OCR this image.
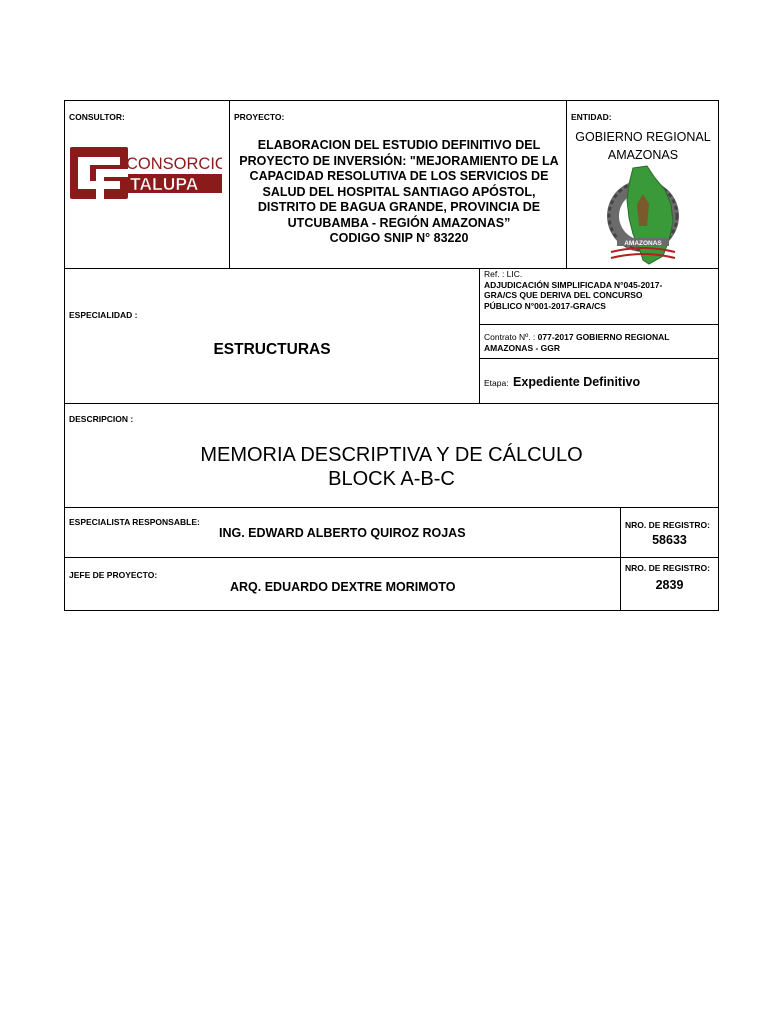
CONSULTOR:	PROYECTO:	ENTIDAD:
CONSORCIO
TALUPA
ELABORACION DEL ESTUDIO DEFINITIVO DEL
PROYECTO DE INVERSIÓN: "MEJORAMIENTO DE LA
CAPACIDAD RESOLUTIVA DE LOS SERVICIOS DE
SALUD DEL HOSPITAL SANTIAGO APÓSTOL,
DISTRITO DE BAGUA GRANDE, PROVINCIA DE
UTCUBAMBA - REGIÓN AMAZONAS”
CODIGO SNIP N° 83220
GOBIERNO REGIONAL
AMAZONAS
AMAZONAS
ESPECIALIDAD :
ESTRUCTURAS
Ref. : LIC.
ADJUDICACIÓN SIMPLIFICADA N°045-2017-
GRA/CS QUE DERIVA DEL CONCURSO
PÚBLICO N°001-2017-GRA/CS
Contrato Nº. : 077-2017 GOBIERNO REGIONAL
AMAZONAS - GGR
Etapa: Expediente Definitivo
DESCRIPCION :
MEMORIA DESCRIPTIVA Y DE CÁLCULO
BLOCK A-B-C
ESPECIALISTA RESPONSABLE:
ING. EDWARD ALBERTO QUIROZ ROJAS
NRO. DE REGISTRO:
58633
JEFE DE PROYECTO:
ARQ. EDUARDO DEXTRE MORIMOTO
NRO. DE REGISTRO:
2839
